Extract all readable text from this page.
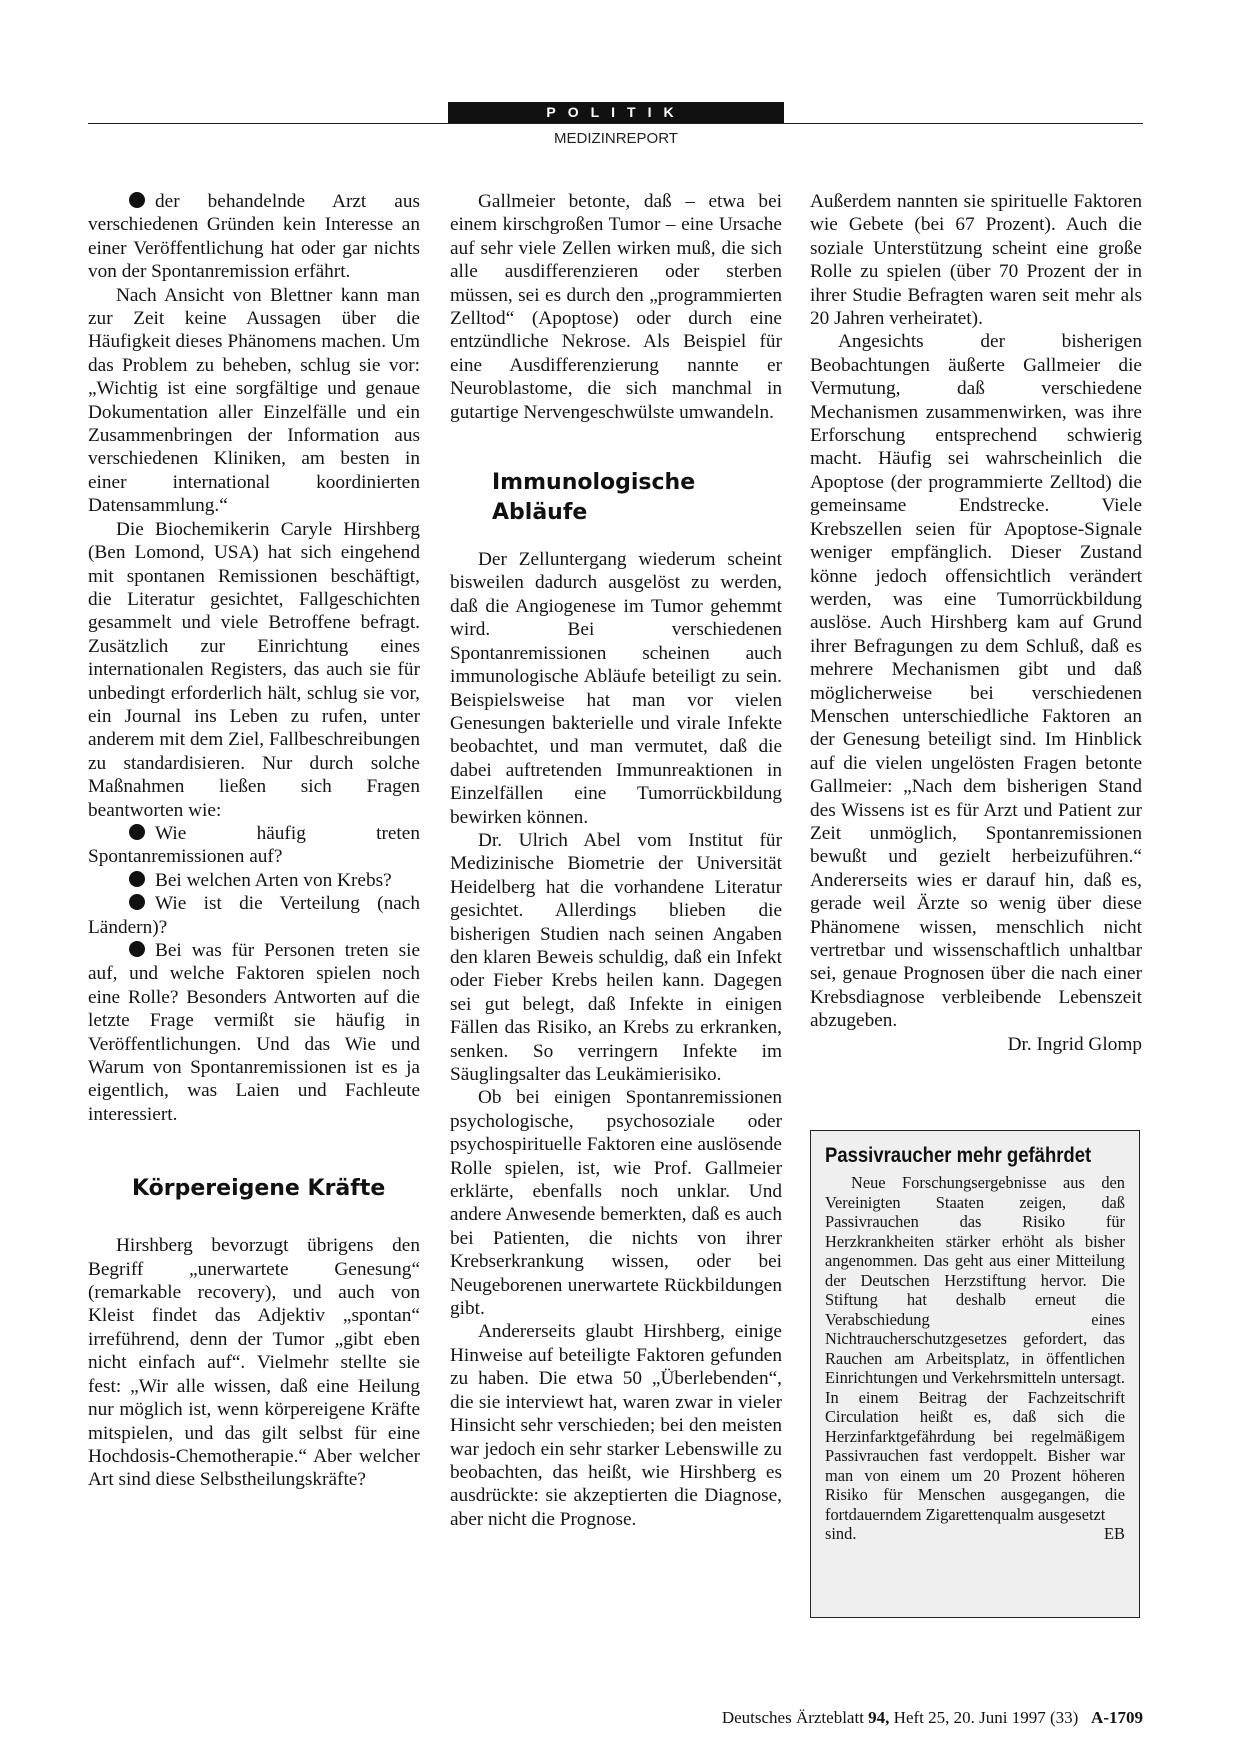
POLITIK
MEDIZINREPORT

der behandelnde Arzt aus verschiedenen Gründen kein Interesse an einer Veröffentlichung hat oder gar nichts von der Spontanremission erfährt.

Nach Ansicht von Blettner kann man zur Zeit keine Aussagen über die Häufigkeit dieses Phänomens machen. Um das Problem zu beheben, schlug sie vor: „Wichtig ist eine sorgfältige und genaue Dokumentation aller Einzelfälle und ein Zusammenbringen der Information aus verschiedenen Kliniken, am besten in einer international koordinierten Datensammlung.“

Die Biochemikerin Caryle Hirshberg (Ben Lomond, USA) hat sich eingehend mit spontanen Remissionen beschäftigt, die Literatur gesichtet, Fallgeschichten gesammelt und viele Betroffene befragt. Zusätzlich zur Einrichtung eines internationalen Registers, das auch sie für unbedingt erforderlich hält, schlug sie vor, ein Journal ins Leben zu rufen, unter anderem mit dem Ziel, Fallbeschreibungen zu standardisieren. Nur durch solche Maßnahmen ließen sich Fragen beantworten wie:

Wie häufig treten Spontanremissionen auf?

Bei welchen Arten von Krebs?

Wie ist die Verteilung (nach Ländern)?

Bei was für Personen treten sie auf, und welche Faktoren spielen noch eine Rolle? Besonders Antworten auf die letzte Frage vermißt sie häufig in Veröffentlichungen. Und das Wie und Warum von Spontanremissionen ist es ja eigentlich, was Laien und Fachleute interessiert.

Körpereigene Kräfte

Hirshberg bevorzugt übrigens den Begriff „unerwartete Genesung“ (remarkable recovery), und auch von Kleist findet das Adjektiv „spontan“ irreführend, denn der Tumor „gibt eben nicht einfach auf“. Vielmehr stellte sie fest: „Wir alle wissen, daß eine Heilung nur möglich ist, wenn körpereigene Kräfte mitspielen, und das gilt selbst für eine Hochdosis-Chemotherapie.“ Aber welcher Art sind diese Selbstheilungskräfte?

Gallmeier betonte, daß – etwa bei einem kirschgroßen Tumor – eine Ursache auf sehr viele Zellen wirken muß, die sich alle ausdifferenzieren oder sterben müssen, sei es durch den „programmierten Zelltod“ (Apoptose) oder durch eine entzündliche Nekrose. Als Beispiel für eine Ausdifferenzierung nannte er Neuroblastome, die sich manchmal in gutartige Nervengeschwülste umwandeln.

Immunologische Abläufe

Der Zelluntergang wiederum scheint bisweilen dadurch ausgelöst zu werden, daß die Angiogenese im Tumor gehemmt wird. Bei verschiedenen Spontanremissionen scheinen auch immunologische Abläufe beteiligt zu sein. Beispielsweise hat man vor vielen Genesungen bakterielle und virale Infekte beobachtet, und man vermutet, daß die dabei auftretenden Immunreaktionen in Einzelfällen eine Tumorrückbildung bewirken können.

Dr. Ulrich Abel vom Institut für Medizinische Biometrie der Universität Heidelberg hat die vorhandene Literatur gesichtet. Allerdings blieben die bisherigen Studien nach seinen Angaben den klaren Beweis schuldig, daß ein Infekt oder Fieber Krebs heilen kann. Dagegen sei gut belegt, daß Infekte in einigen Fällen das Risiko, an Krebs zu erkranken, senken. So verringern Infekte im Säuglingsalter das Leukämierisiko.

Ob bei einigen Spontanremissionen psychologische, psychosoziale oder psychospirituelle Faktoren eine auslösende Rolle spielen, ist, wie Prof. Gallmeier erklärte, ebenfalls noch unklar. Und andere Anwesende bemerkten, daß es auch bei Patienten, die nichts von ihrer Krebserkrankung wissen, oder bei Neugeborenen unerwartete Rückbildungen gibt.

Andererseits glaubt Hirshberg, einige Hinweise auf beteiligte Faktoren gefunden zu haben. Die etwa 50 „Überlebenden“, die sie interviewt hat, waren zwar in vieler Hinsicht sehr verschieden; bei den meisten war jedoch ein sehr starker Lebenswille zu beobachten, das heißt, wie Hirshberg es ausdrückte: sie akzeptierten die Diagnose, aber nicht die Prognose.

Außerdem nannten sie spirituelle Faktoren wie Gebete (bei 67 Prozent). Auch die soziale Unterstützung scheint eine große Rolle zu spielen (über 70 Prozent der in ihrer Studie Befragten waren seit mehr als 20 Jahren verheiratet).

Angesichts der bisherigen Beobachtungen äußerte Gallmeier die Vermutung, daß verschiedene Mechanismen zusammenwirken, was ihre Erforschung entsprechend schwierig macht. Häufig sei wahrscheinlich die Apoptose (der programmierte Zelltod) die gemeinsame Endstrecke. Viele Krebszellen seien für Apoptose-Signale weniger empfänglich. Dieser Zustand könne jedoch offensichtlich verändert werden, was eine Tumorrückbildung auslöse. Auch Hirshberg kam auf Grund ihrer Befragungen zu dem Schluß, daß es mehrere Mechanismen gibt und daß möglicherweise bei verschiedenen Menschen unterschiedliche Faktoren an der Genesung beteiligt sind. Im Hinblick auf die vielen ungelösten Fragen betonte Gallmeier: „Nach dem bisherigen Stand des Wissens ist es für Arzt und Patient zur Zeit unmöglich, Spontanremissionen bewußt und gezielt herbeizuführen.“ Andererseits wies er darauf hin, daß es, gerade weil Ärzte so wenig über diese Phänomene wissen, menschlich nicht vertretbar und wissenschaftlich unhaltbar sei, genaue Prognosen über die nach einer Krebsdiagnose verbleibende Lebenszeit abzugeben.

Dr. Ingrid Glomp

Passivraucher mehr gefährdet

Neue Forschungsergebnisse aus den Vereinigten Staaten zeigen, daß Passivrauchen das Risiko für Herzkrankheiten stärker erhöht als bisher angenommen. Das geht aus einer Mitteilung der Deutschen Herzstiftung hervor. Die Stiftung hat deshalb erneut die Verabschiedung eines Nichtraucherschutzgesetzes gefordert, das Rauchen am Arbeitsplatz, in öffentlichen Einrichtungen und Verkehrsmitteln untersagt. In einem Beitrag der Fachzeitschrift Circulation heißt es, daß sich die Herzinfarktgefährdung bei regelmäßigem Passivrauchen fast verdoppelt. Bisher war man von einem um 20 Prozent höheren Risiko für Menschen ausgegangen, die fortdauerndem Zigarettenqualm ausgesetzt

sind.	EB
Deutsches Ärzteblatt 94, Heft 25, 20. Juni 1997 (33) A-1709
